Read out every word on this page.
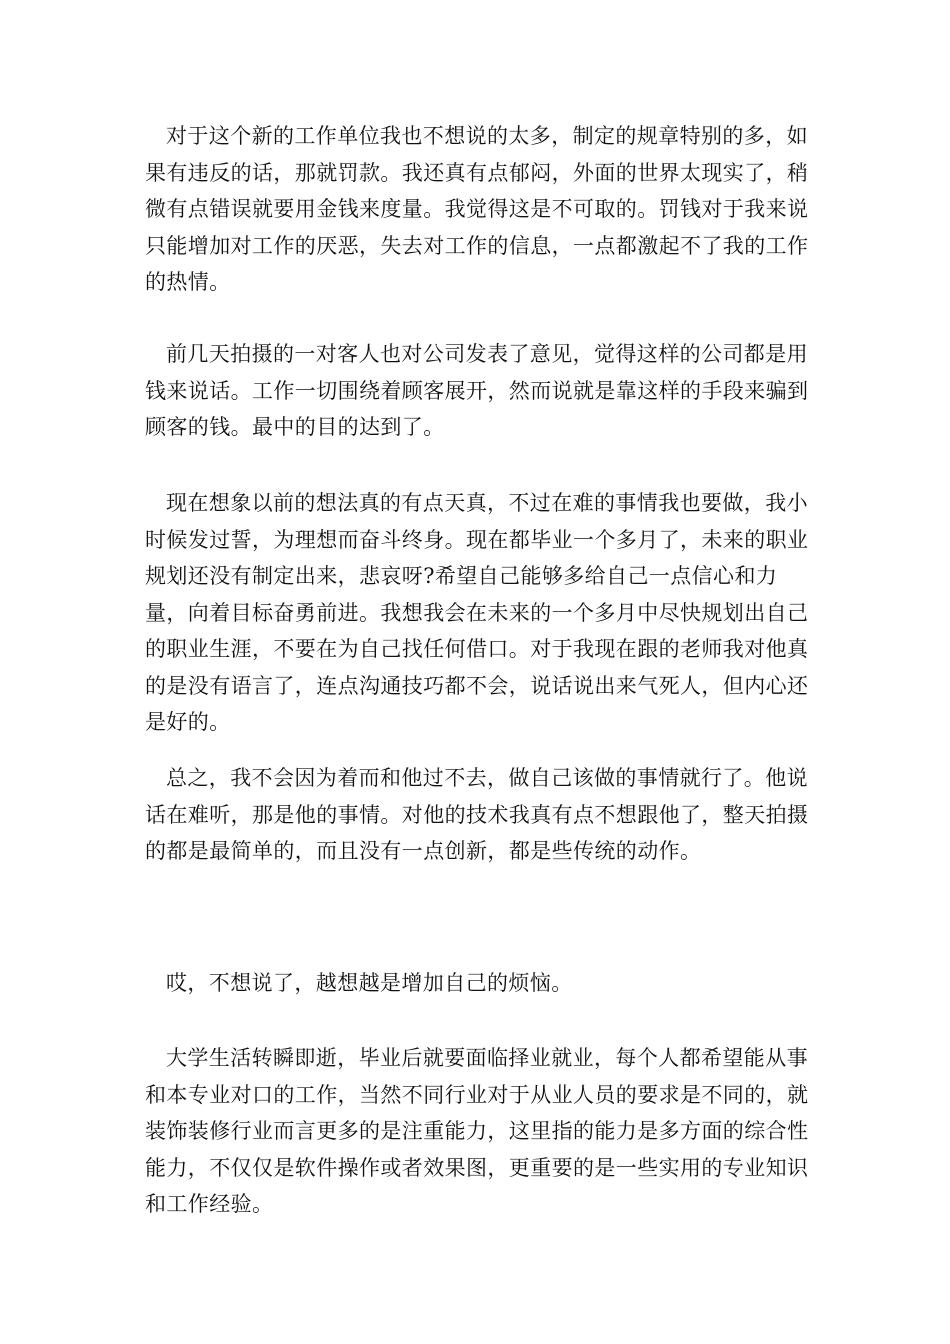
对于这个新的工作单位我也不想说的太多，制定的规章特别的多，如果有违反的话，那就罚款。我还真有点郁闷，外面的世界太现实了，稍微有点错误就要用金钱来度量。我觉得这是不可取的。罚钱对于我来说只能增加对工作的厌恶，失去对工作的信息，一点都激起不了我的工作的热情。

前几天拍摄的一对客人也对公司发表了意见，觉得这样的公司都是用钱来说话。工作一切围绕着顾客展开，然而说就是靠这样的手段来骗到顾客的钱。最中的目的达到了。

现在想象以前的想法真的有点天真，不过在难的事情我也要做，我小时候发过誓，为理想而奋斗终身。现在都毕业一个多月了，未来的职业规划还没有制定出来，悲哀呀?希望自己能够多给自己一点信心和力量，向着目标奋勇前进。我想我会在未来的一个多月中尽快规划出自己的职业生涯，不要在为自己找任何借口。对于我现在跟的老师我对他真的是没有语言了，连点沟通技巧都不会，说话说出来气死人，但内心还是好的。

总之，我不会因为着而和他过不去，做自己该做的事情就行了。他说话在难听，那是他的事情。对他的技术我真有点不想跟他了，整天拍摄的都是最简单的，而且没有一点创新，都是些传统的动作。

哎，不想说了，越想越是增加自己的烦恼。

大学生活转瞬即逝，毕业后就要面临择业就业，每个人都希望能从事和本专业对口的工作，当然不同行业对于从业人员的要求是不同的，就装饰装修行业而言更多的是注重能力，这里指的能力是多方面的综合性能力，不仅仅是软件操作或者效果图，更重要的是一些实用的专业知识和工作经验。
